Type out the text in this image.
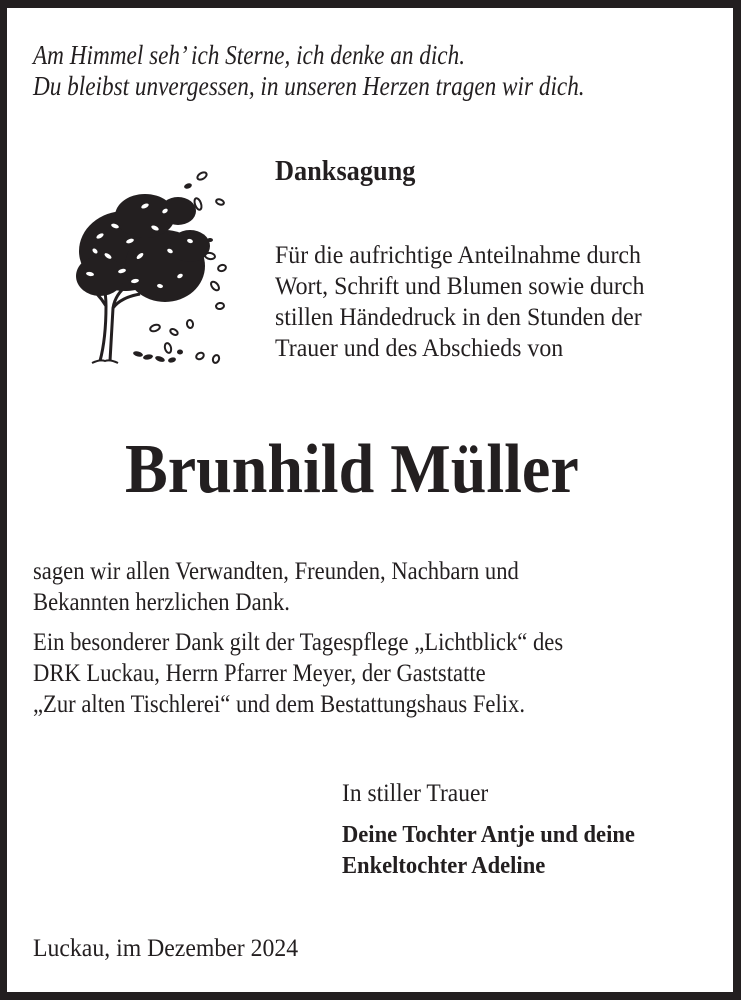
Am Himmel seh’ ich Sterne, ich denke an dich.
Du bleibst unvergessen, in unseren Herzen tragen wir dich.
Danksagung
Für die aufrichtige Anteilnahme durch
Wort, Schrift und Blumen sowie durch
stillen Händedruck in den Stunden der
Trauer und des Abschieds von
Brunhild Müller
sagen wir allen Verwandten, Freunden, Nachbarn und
Bekannten herzlichen Dank.
Ein besonderer Dank gilt der Tagespflege „Lichtblick“ des
DRK Luckau, Herrn Pfarrer Meyer, der Gaststatte
„Zur alten Tischlerei“ und dem Bestattungshaus Felix.
In stiller Trauer
Deine Tochter Antje und deine
Enkeltochter Adeline
Luckau, im Dezember 2024
